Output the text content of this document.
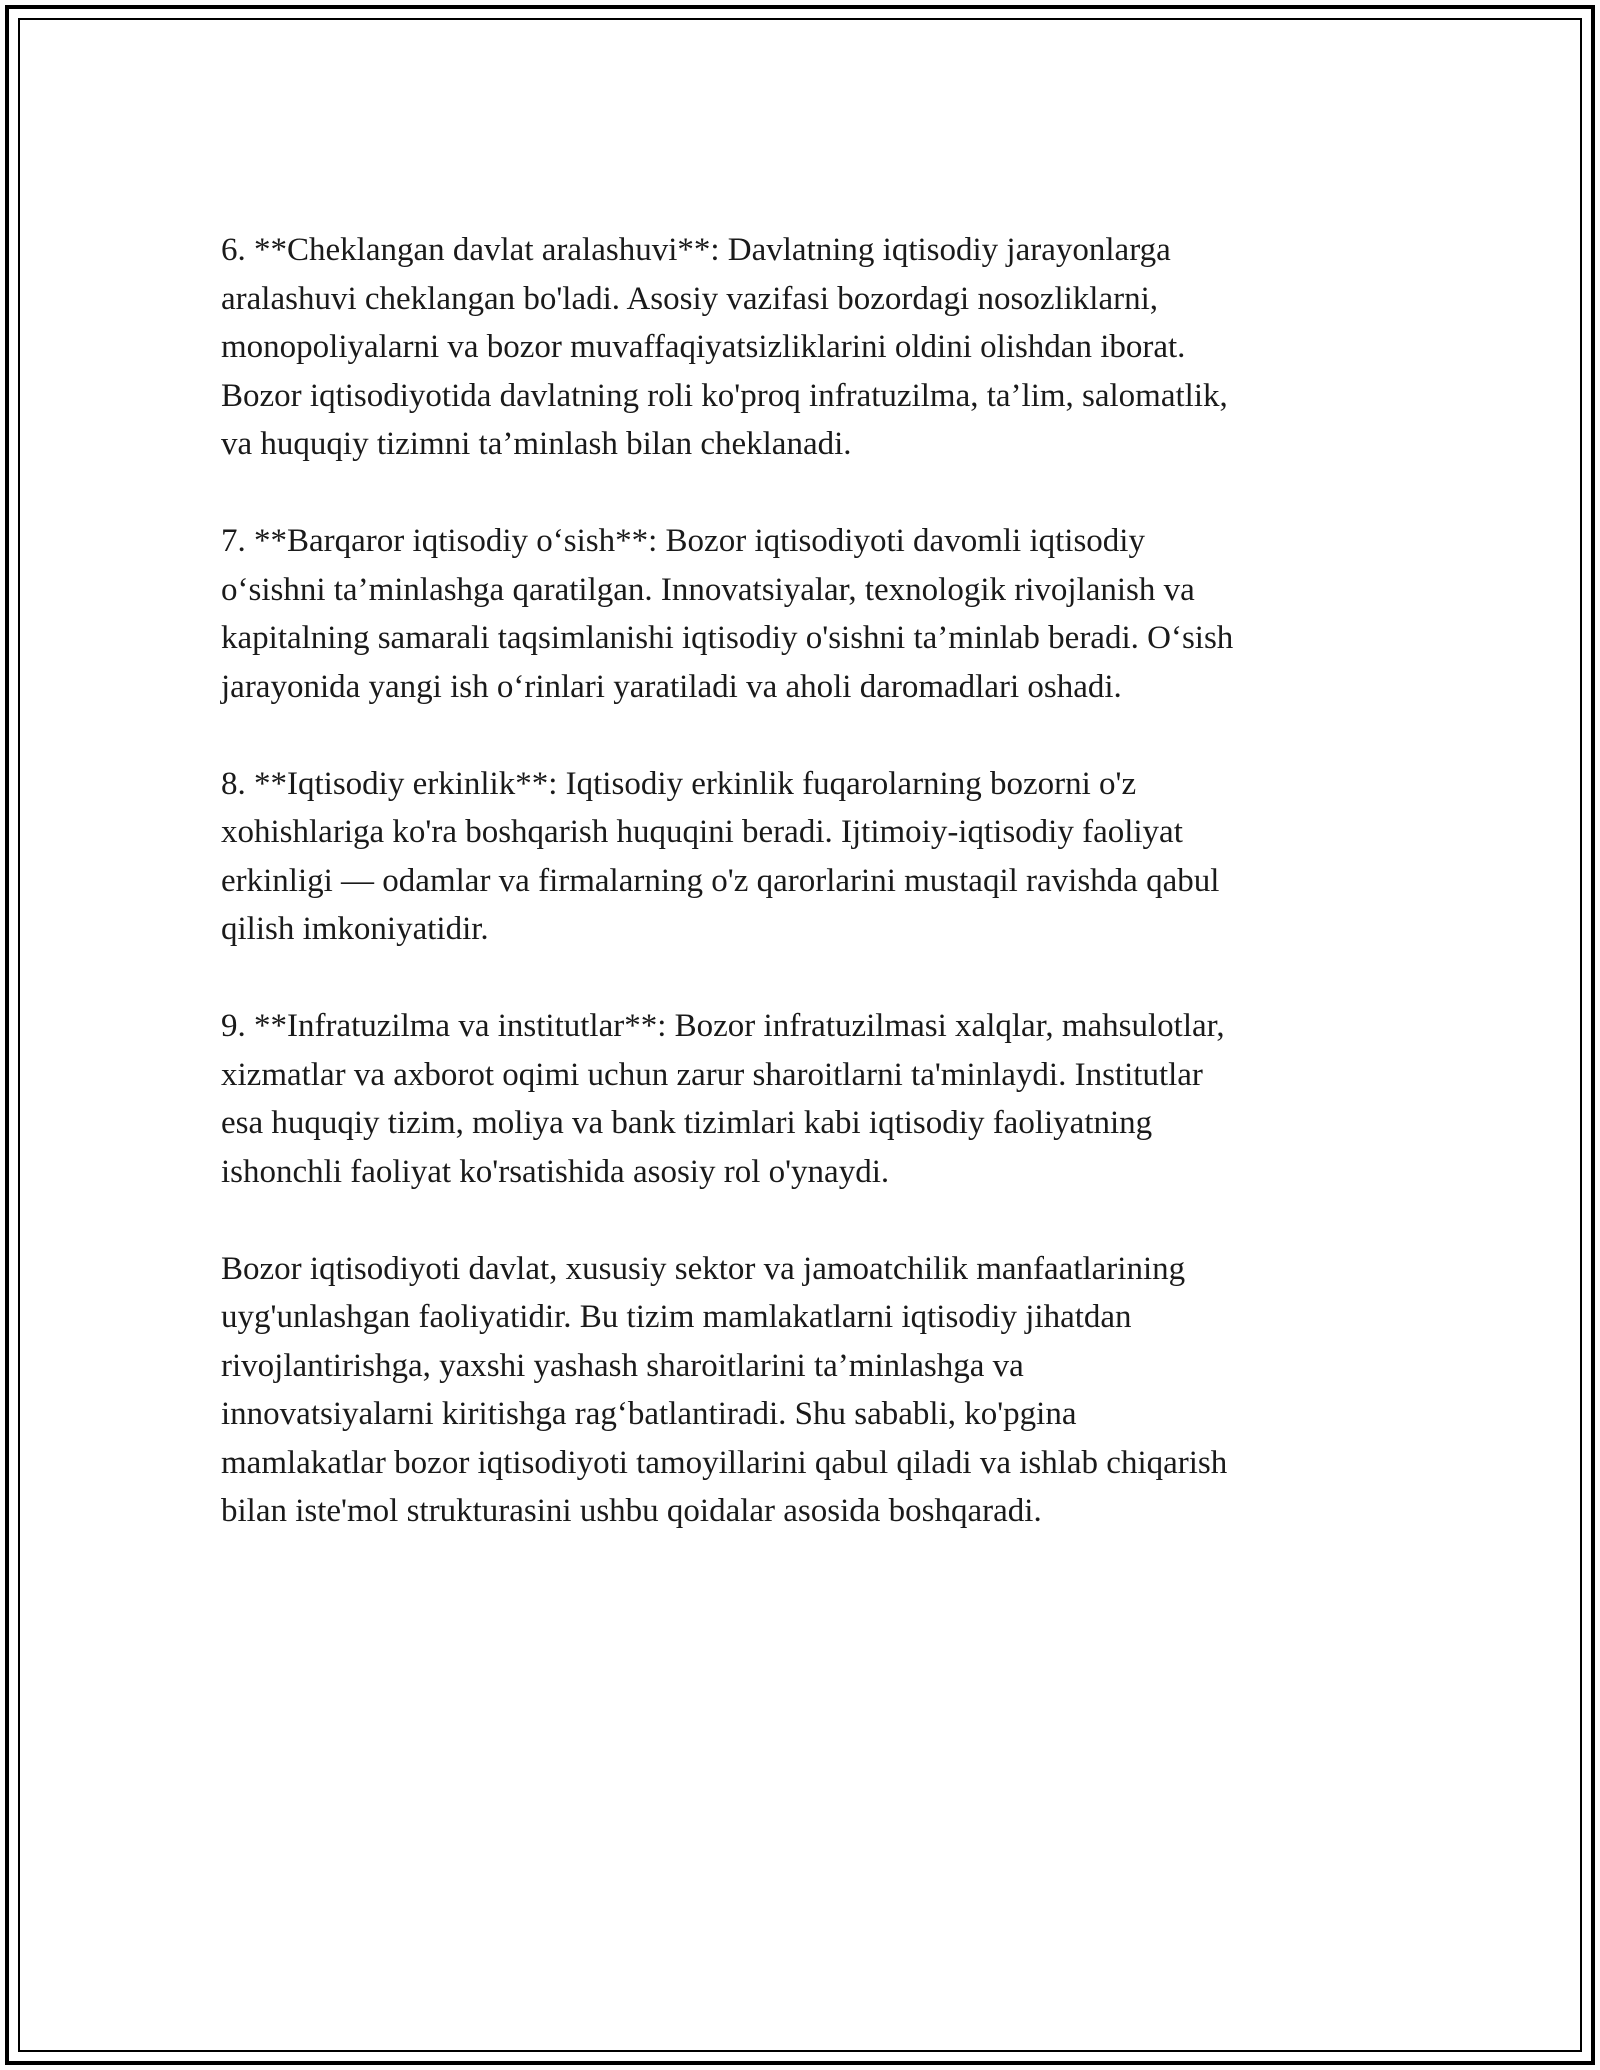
6. **Cheklangan davlat aralashuvi**: Davlatning iqtisodiy jarayonlarga
aralashuvi cheklangan bo'ladi. Asosiy vazifasi bozordagi nosozliklarni,
monopoliyalarni va bozor muvaffaqiyatsizliklarini oldini olishdan iborat.
Bozor iqtisodiyotida davlatning roli ko'proq infratuzilma, ta’lim, salomatlik,
va huquqiy tizimni ta’minlash bilan cheklanadi.

7. **Barqaror iqtisodiy o‘sish**: Bozor iqtisodiyoti davomli iqtisodiy
o‘sishni ta’minlashga qaratilgan. Innovatsiyalar, texnologik rivojlanish va
kapitalning samarali taqsimlanishi iqtisodiy o'sishni ta’minlab beradi. O‘sish
jarayonida yangi ish o‘rinlari yaratiladi va aholi daromadlari oshadi.

8. **Iqtisodiy erkinlik**: Iqtisodiy erkinlik fuqarolarning bozorni o'z
xohishlariga ko'ra boshqarish huquqini beradi. Ijtimoiy-iqtisodiy faoliyat
erkinligi — odamlar va firmalarning o'z qarorlarini mustaqil ravishda qabul
qilish imkoniyatidir.

9. **Infratuzilma va institutlar**: Bozor infratuzilmasi xalqlar, mahsulotlar,
xizmatlar va axborot oqimi uchun zarur sharoitlarni ta'minlaydi. Institutlar
esa huquqiy tizim, moliya va bank tizimlari kabi iqtisodiy faoliyatning
ishonchli faoliyat ko'rsatishida asosiy rol o'ynaydi.

Bozor iqtisodiyoti davlat, xususiy sektor va jamoatchilik manfaatlarining
uyg'unlashgan faoliyatidir. Bu tizim mamlakatlarni iqtisodiy jihatdan
rivojlantirishga, yaxshi yashash sharoitlarini ta’minlashga va
innovatsiyalarni kiritishga rag‘batlantiradi. Shu sababli, ko'pgina
mamlakatlar bozor iqtisodiyoti tamoyillarini qabul qiladi va ishlab chiqarish
bilan iste'mol strukturasini ushbu qoidalar asosida boshqaradi.
